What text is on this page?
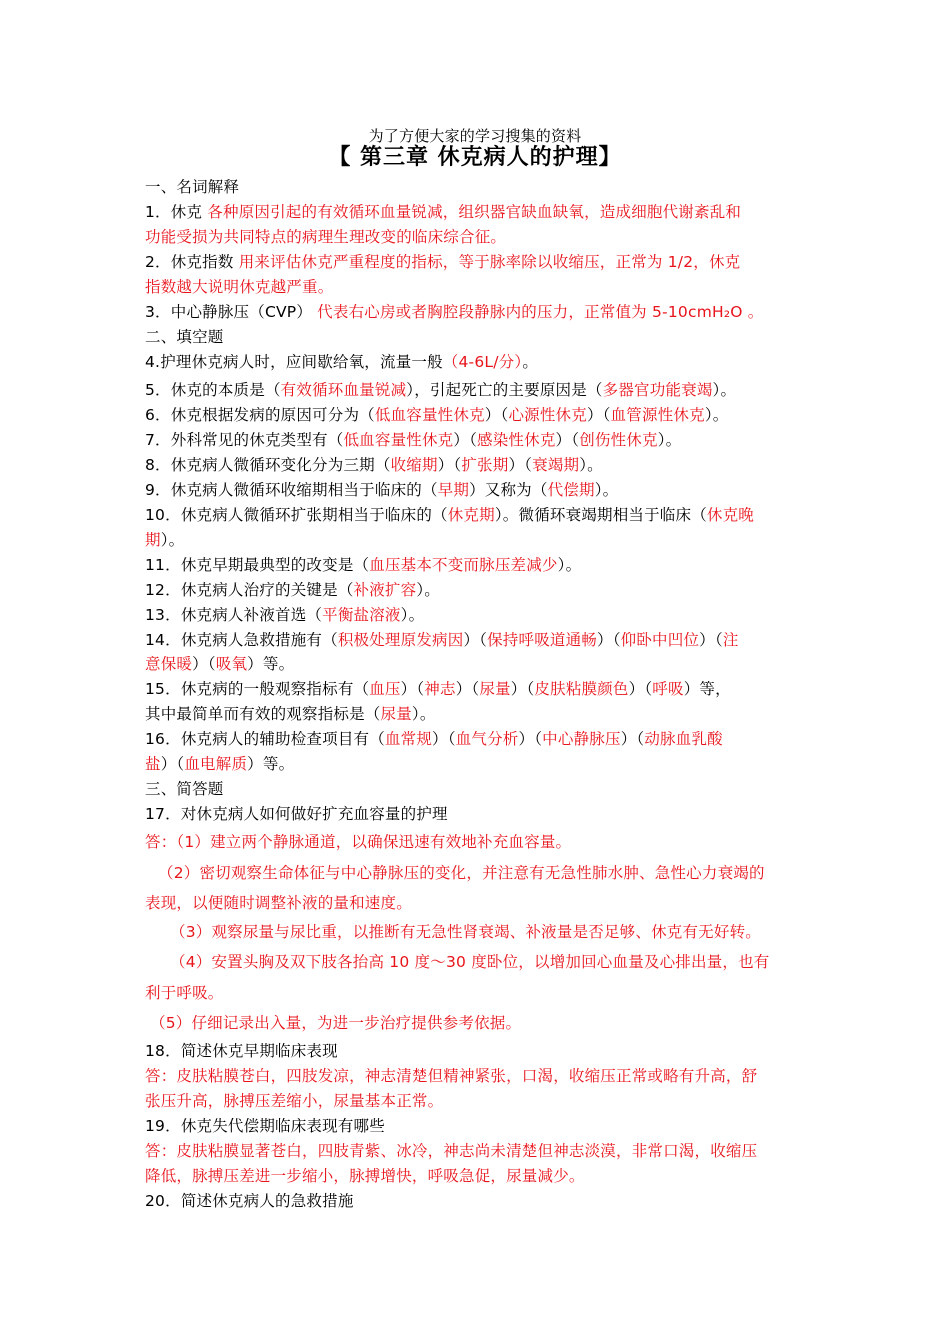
为了方便大家的学习搜集的资料
【 第三章 休克病人的护理】
一、名词解释
1．休克 各种原因引起的有效循环血量锐减，组织器官缺血缺氧，造成细胞代谢紊乱和
功能受损为共同特点的病理生理改变的临床综合征。
2．休克指数 用来评估休克严重程度的指标，等于脉率除以收缩压，正常为 1/2，休克
指数越大说明休克越严重。
3．中心静脉压（CVP） 代表右心房或者胸腔段静脉内的压力，正常值为 5-10cmH₂O 。
二、填空题
4.护理休克病人时，应间歇给氧，流量一般（4-6L/分）。
5．休克的本质是（有效循环血量锐减），引起死亡的主要原因是（多器官功能衰竭）。
6．休克根据发病的原因可分为（低血容量性休克）（心源性休克）（血管源性休克）。
7．外科常见的休克类型有（低血容量性休克）（感染性休克）（创伤性休克）。
8．休克病人微循环变化分为三期（收缩期）（扩张期）（衰竭期）。
9．休克病人微循环收缩期相当于临床的（早期）又称为（代偿期）。
10．休克病人微循环扩张期相当于临床的（休克期）。微循环衰竭期相当于临床（休克晚
期）。
11．休克早期最典型的改变是（血压基本不变而脉压差减少）。
12．休克病人治疗的关键是（补液扩容）。
13．休克病人补液首选（平衡盐溶液）。
14．休克病人急救措施有（积极处理原发病因）（保持呼吸道通畅）（仰卧中凹位）（注
意保暖）（吸氧）等。
15．休克病的一般观察指标有（血压）（神志）（尿量）（皮肤粘膜颜色）（呼吸）等，
其中最简单而有效的观察指标是（尿量）。
16．休克病人的辅助检查项目有（血常规）（血气分析）（中心静脉压）（动脉血乳酸
盐）（血电解质）等。
三、简答题
17．对休克病人如何做好扩充血容量的护理
答：（1）建立两个静脉通道，以确保迅速有效地补充血容量。
（2）密切观察生命体征与中心静脉压的变化，并注意有无急性肺水肿、急性心力衰竭的
表现，以便随时调整补液的量和速度。
（3）观察尿量与尿比重，以推断有无急性肾衰竭、补液量是否足够、休克有无好转。
（4）安置头胸及双下肢各抬高 10 度～30 度卧位，以增加回心血量及心排出量，也有
利于呼吸。
（5）仔细记录出入量，为进一步治疗提供参考依据。
18．简述休克早期临床表现
答：皮肤粘膜苍白，四肢发凉，神志清楚但精神紧张，口渴，收缩压正常或略有升高，舒
张压升高，脉搏压差缩小，尿量基本正常。
19．休克失代偿期临床表现有哪些
答：皮肤粘膜显著苍白，四肢青紫、冰冷，神志尚未清楚但神志淡漠，非常口渴，收缩压
降低，脉搏压差进一步缩小，脉搏增快，呼吸急促，尿量减少。
20．简述休克病人的急救措施
